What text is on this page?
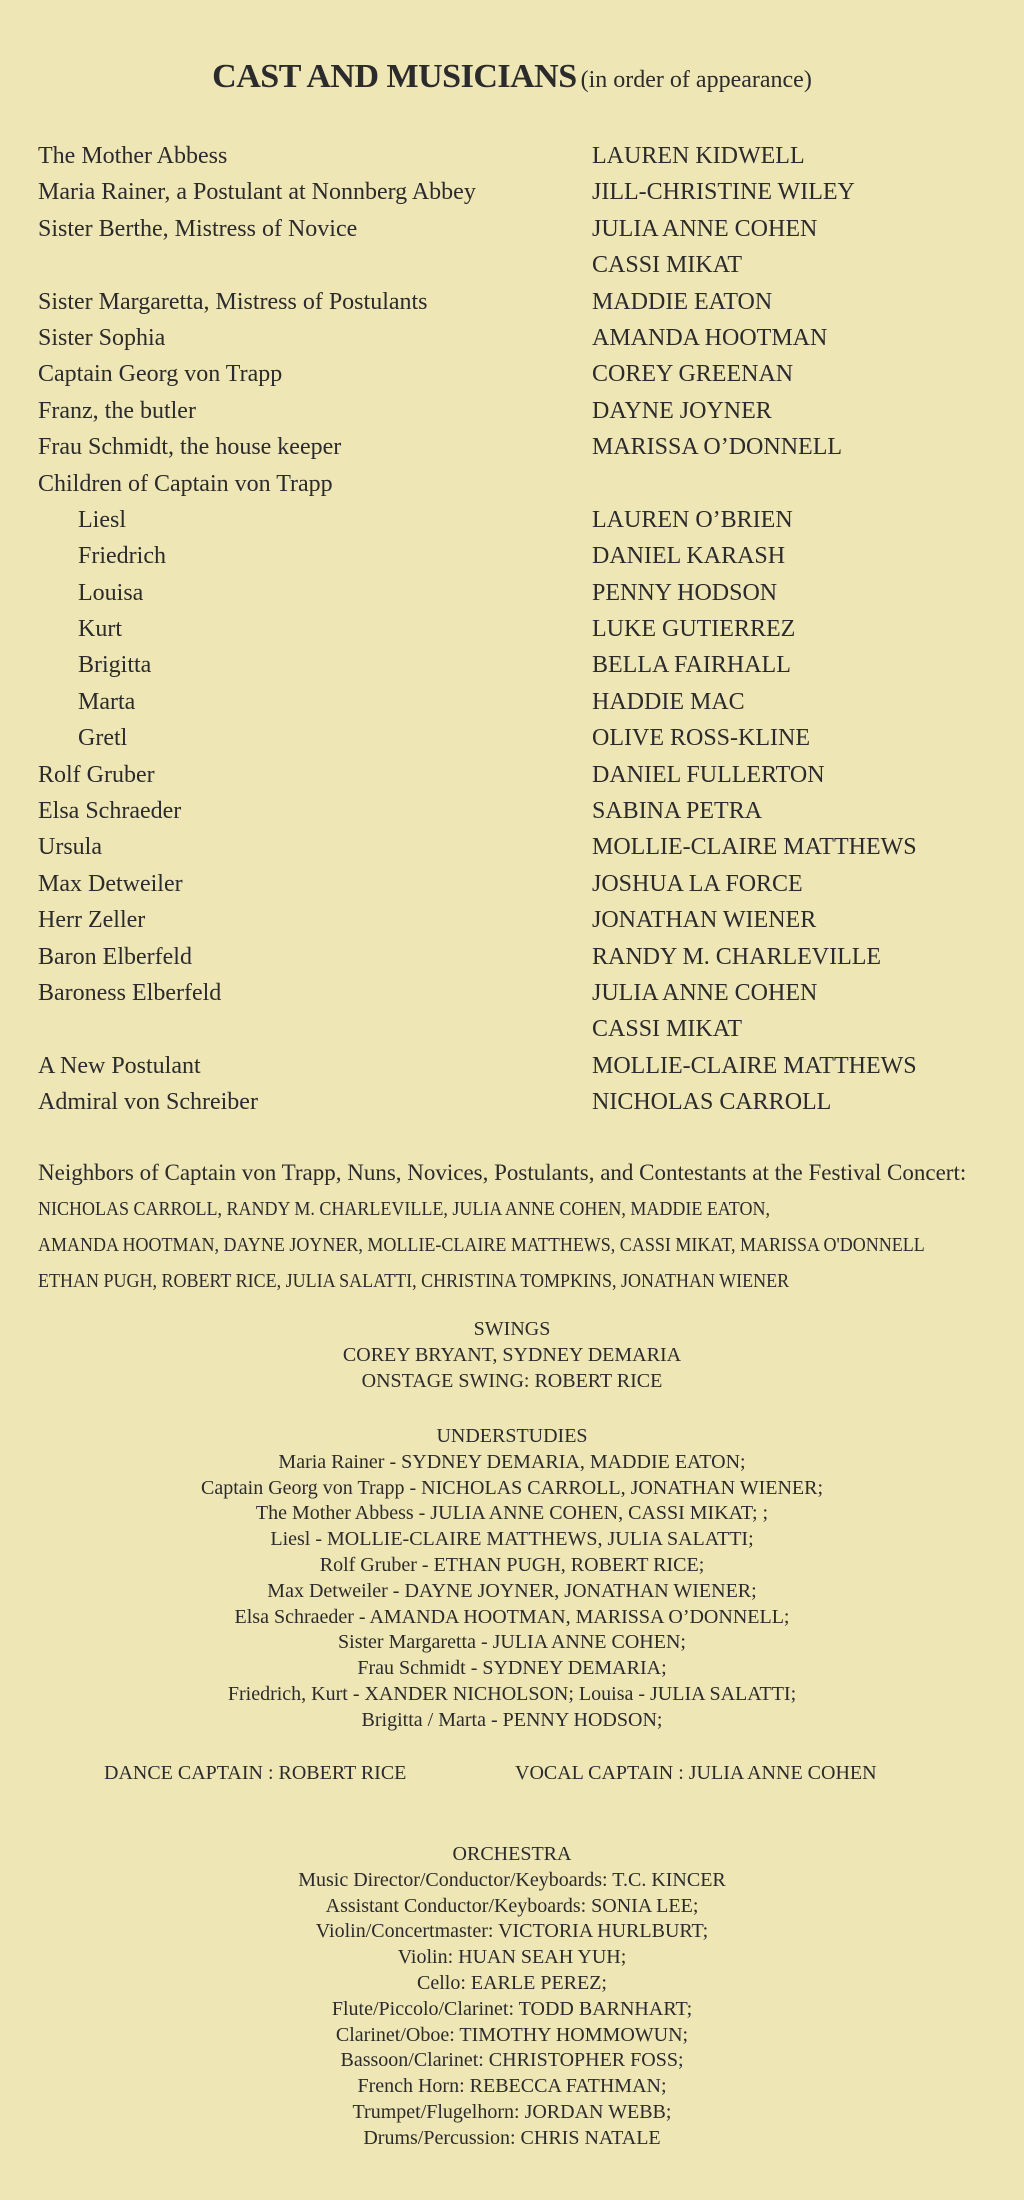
CAST AND MUSICIANS (in order of appearance)
The Mother Abbess	LAUREN KIDWELL
Maria Rainer, a Postulant at Nonnberg Abbey	JILL-CHRISTINE WILEY
Sister Berthe, Mistress of Novice	JULIA ANNE COHEN
CASSI MIKAT
Sister Margaretta, Mistress of Postulants	MADDIE EATON
Sister Sophia	AMANDA HOOTMAN
Captain Georg von Trapp	COREY GREENAN
Franz, the butler	DAYNE JOYNER
Frau Schmidt, the house keeper	MARISSA O’DONNELL
Children of Captain von Trapp
Liesl	LAUREN O’BRIEN
Friedrich	DANIEL KARASH
Louisa	PENNY HODSON
Kurt	LUKE GUTIERREZ
Brigitta	BELLA FAIRHALL
Marta	HADDIE MAC
Gretl	OLIVE ROSS-KLINE
Rolf Gruber	DANIEL FULLERTON
Elsa Schraeder	SABINA PETRA
Ursula	MOLLIE-CLAIRE MATTHEWS
Max Detweiler	JOSHUA LA FORCE
Herr Zeller	JONATHAN WIENER
Baron Elberfeld	RANDY M. CHARLEVILLE
Baroness Elberfeld	JULIA ANNE COHEN
CASSI MIKAT
A New Postulant	MOLLIE-CLAIRE MATTHEWS
Admiral von Schreiber	NICHOLAS CARROLL
Neighbors of Captain von Trapp, Nuns, Novices, Postulants, and Contestants at the Festival Concert:
NICHOLAS CARROLL, RANDY M. CHARLEVILLE, JULIA ANNE COHEN, MADDIE EATON,
AMANDA HOOTMAN, DAYNE JOYNER, MOLLIE-CLAIRE MATTHEWS, CASSI MIKAT, MARISSA O'DONNELL
ETHAN PUGH, ROBERT RICE, JULIA SALATTI, CHRISTINA TOMPKINS, JONATHAN WIENER
SWINGS
COREY BRYANT, SYDNEY DEMARIA
ONSTAGE SWING: ROBERT RICE
UNDERSTUDIES
Maria Rainer - SYDNEY DEMARIA, MADDIE EATON;
Captain Georg von Trapp - NICHOLAS CARROLL, JONATHAN WIENER;
The Mother Abbess - JULIA ANNE COHEN, CASSI MIKAT; ;
Liesl - MOLLIE-CLAIRE MATTHEWS, JULIA SALATTI;
Rolf Gruber - ETHAN PUGH, ROBERT RICE;
Max Detweiler - DAYNE JOYNER, JONATHAN WIENER;
Elsa Schraeder - AMANDA HOOTMAN, MARISSA O’DONNELL;
Sister Margaretta - JULIA ANNE COHEN;
Frau Schmidt - SYDNEY DEMARIA;
Friedrich, Kurt - XANDER NICHOLSON; Louisa - JULIA SALATTI;
Brigitta / Marta - PENNY HODSON;
DANCE CAPTAIN : ROBERT RICE	VOCAL CAPTAIN : JULIA ANNE COHEN
ORCHESTRA
Music Director/Conductor/Keyboards: T.C. KINCER
Assistant Conductor/Keyboards: SONIA LEE;
Violin/Concertmaster: VICTORIA HURLBURT;
Violin: HUAN SEAH YUH;
Cello: EARLE PEREZ;
Flute/Piccolo/Clarinet: TODD BARNHART;
Clarinet/Oboe: TIMOTHY HOMMOWUN;
Bassoon/Clarinet: CHRISTOPHER FOSS;
French Horn: REBECCA FATHMAN;
Trumpet/Flugelhorn: JORDAN WEBB;
Drums/Percussion: CHRIS NATALE
